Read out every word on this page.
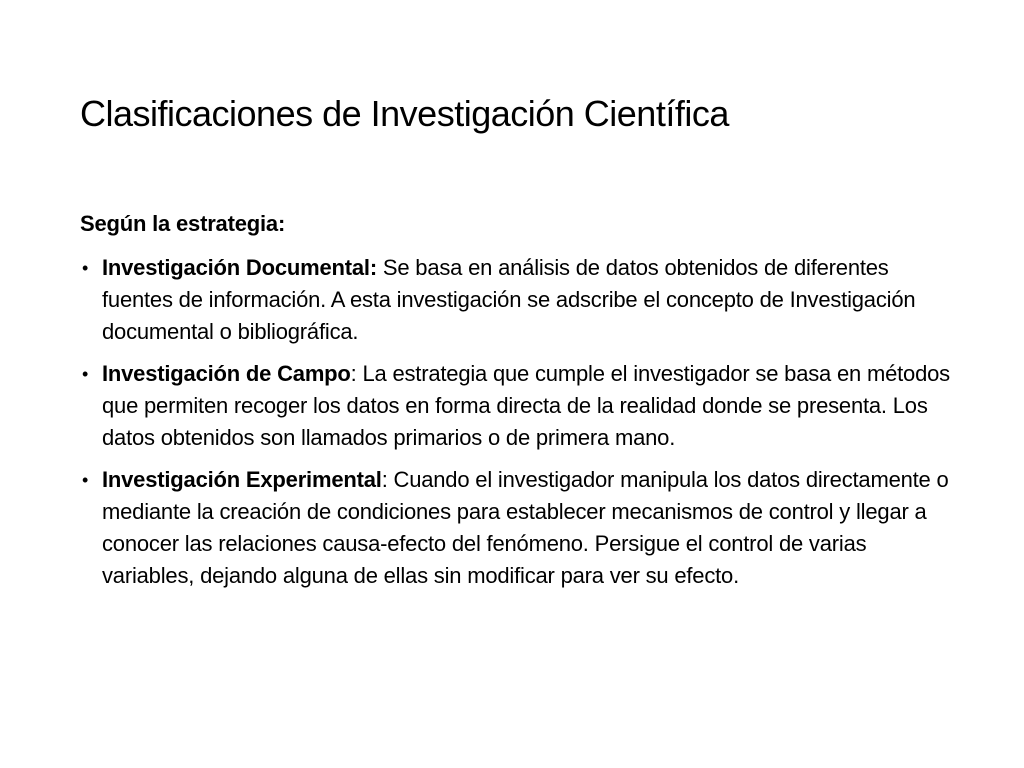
Clasificaciones de Investigación Científica

Según la estrategia:

• Investigación Documental: Se basa en análisis de datos obtenidos de diferentes fuentes de información. A esta investigación se adscribe el concepto de Investigación documental o bibliográfica.

• Investigación de Campo: La estrategia que cumple el investigador se basa en métodos que permiten recoger los datos en forma directa de la realidad donde se presenta. Los datos obtenidos son llamados primarios o de primera mano.

• Investigación Experimental: Cuando el investigador manipula los datos directamente o mediante la creación de condiciones para establecer mecanismos de control y llegar a conocer las relaciones causa-efecto del fenómeno. Persigue el control de varias variables, dejando alguna de ellas sin modificar para ver su efecto.
